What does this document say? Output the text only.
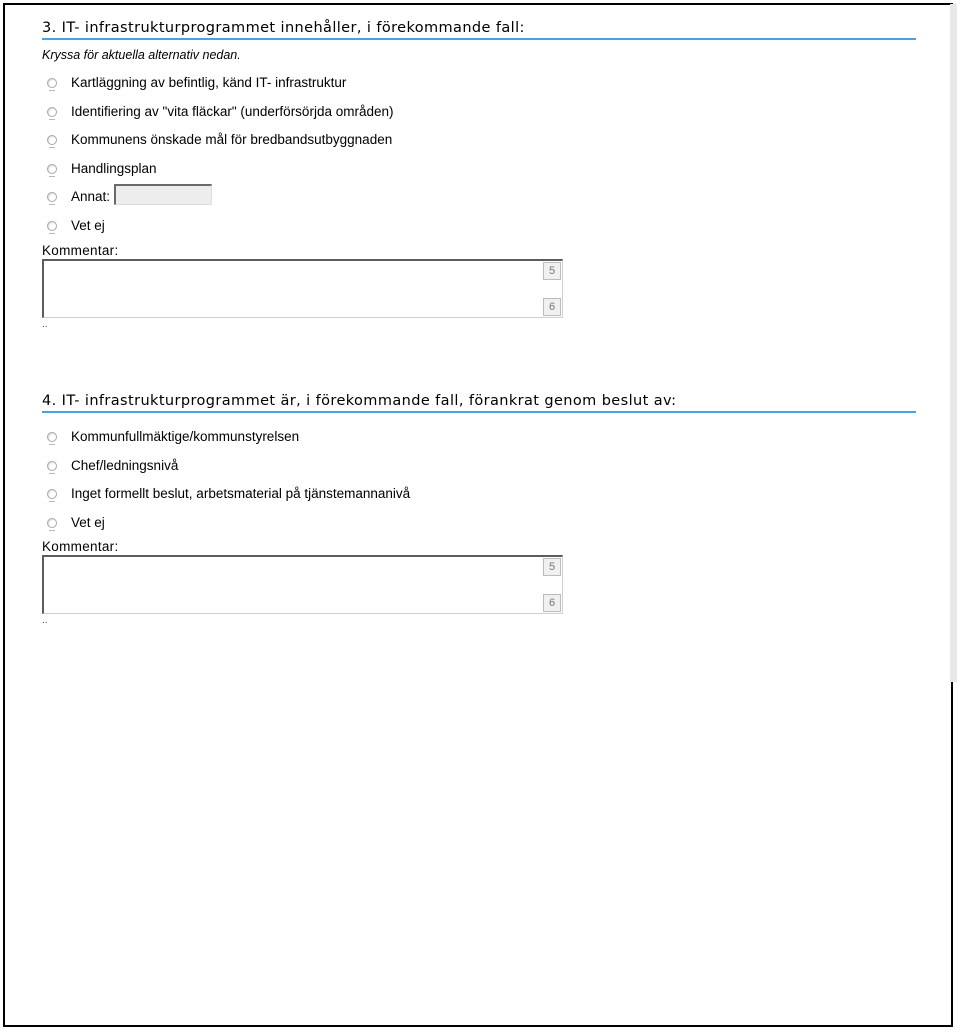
3. IT- infrastrukturprogrammet innehåller, i förekommande fall:
Kryssa för aktuella alternativ nedan.
Kartläggning av befintlig, känd IT- infrastruktur
Identifiering av "vita fläckar" (underförsörjda områden)
Kommunens önskade mål för bredbandsutbyggnaden
Handlingsplan
Annat:
Vet ej
Kommentar:
5
6
..
4. IT- infrastrukturprogrammet är, i förekommande fall, förankrat genom beslut av:
Kommunfullmäktige/kommunstyrelsen
Chef/ledningsnivå
Inget formellt beslut, arbetsmaterial på tjänstemannanivå
Vet ej
Kommentar:
5
6
..
